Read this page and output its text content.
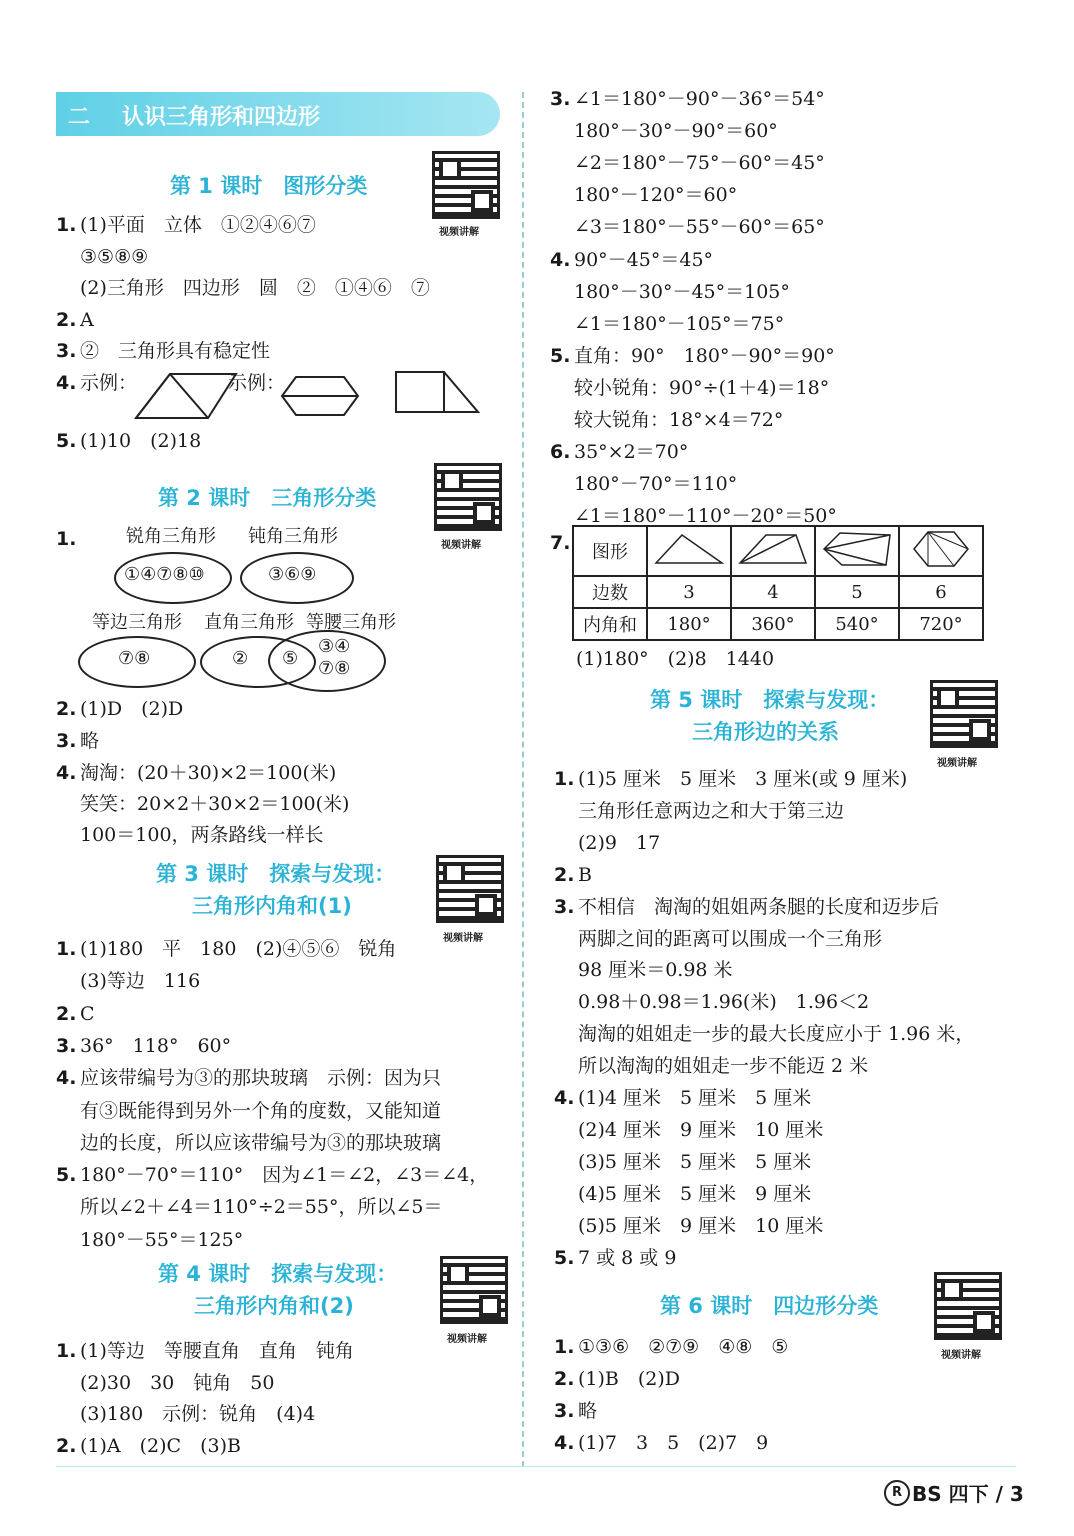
二 认识三角形和四边形
视频讲解
视频讲解
视频讲解
视频讲解
视频讲解
视频讲解
第 1 课时　图形分类
1. (1)平面　立体　①②④⑥⑦
③⑤⑧⑨
(2)三角形　四边形　圆　②　①④⑥　⑦
2. A
3. ②　三角形具有稳定性
4. 示例：
5. (1)10　(2)18
示例：
第 2 课时　三角形分类
1.	锐角三角形 钝角三角形
①④⑦⑧⑩	③⑥⑨
等边三角形 直角三角形 等腰三角形
⑦⑧	② ⑤
③④
⑦⑧
2. (1)D　(2)D
3. 略
4. 淘淘：(20＋30)×2＝100(米)
笑笑：20×2＋30×2＝100(米)
100＝100，两条路线一样长
第 3 课时　探索与发现：
三角形内角和(1)
1. (1)180　平　180　(2)④⑤⑥　锐角
(3)等边　116
2. C
3. 36°　118°　60°
4. 应该带编号为③的那块玻璃　示例：因为只
有③既能得到另外一个角的度数，又能知道
边的长度，所以应该带编号为③的那块玻璃
5. 180°－70°＝110°　因为∠1＝∠2，∠3＝∠4，
所以∠2＋∠4＝110°÷2＝55°，所以∠5＝
180°－55°＝125°
第 4 课时　探索与发现：
三角形内角和(2)
1. (1)等边　等腰直角　直角　钝角
(2)30　30　钝角　50
(3)180　示例：锐角　(4)4
2. (1)A　(2)C　(3)B
3. ∠1＝180°－90°－36°＝54°
180°－30°－90°＝60°
∠2＝180°－75°－60°＝45°
180°－120°＝60°
∠3＝180°－55°－60°＝65°
4. 90°－45°＝45°
180°－30°－45°＝105°
∠1＝180°－105°＝75°
5. 直角：90°　180°－90°＝90°
较小锐角：90°÷(1＋4)＝18°
较大锐角：18°×4＝72°
6. 35°×2＝70°
180°－70°＝110°
∠1＝180°－110°－20°＝50°
7. 图形				
边数	3	4	5	6
内角和	180°	360°	540°	720°
(1)180°　(2)8　1440
第 5 课时　探索与发现：
三角形边的关系
1. (1)5 厘米　5 厘米　3 厘米(或 9 厘米)
三角形任意两边之和大于第三边
(2)9　17
2. B
3. 不相信　淘淘的姐姐两条腿的长度和迈步后
两脚之间的距离可以围成一个三角形
98 厘米＝0.98 米
0.98＋0.98＝1.96(米)　1.96＜2
淘淘的姐姐走一步的最大长度应小于 1.96 米，
所以淘淘的姐姐走一步不能迈 2 米
4. (1)4 厘米　5 厘米　5 厘米
(2)4 厘米　9 厘米　10 厘米
(3)5 厘米　5 厘米　5 厘米
(4)5 厘米　5 厘米　9 厘米
(5)5 厘米　9 厘米　10 厘米
5. 7 或 8 或 9
第 6 课时　四边形分类
1. ①③⑥　②⑦⑨　④⑧　⑤
2. (1)B　(2)D
3. 略
4. (1)7　3　5　(2)7　9
R BS 四下 / 3
